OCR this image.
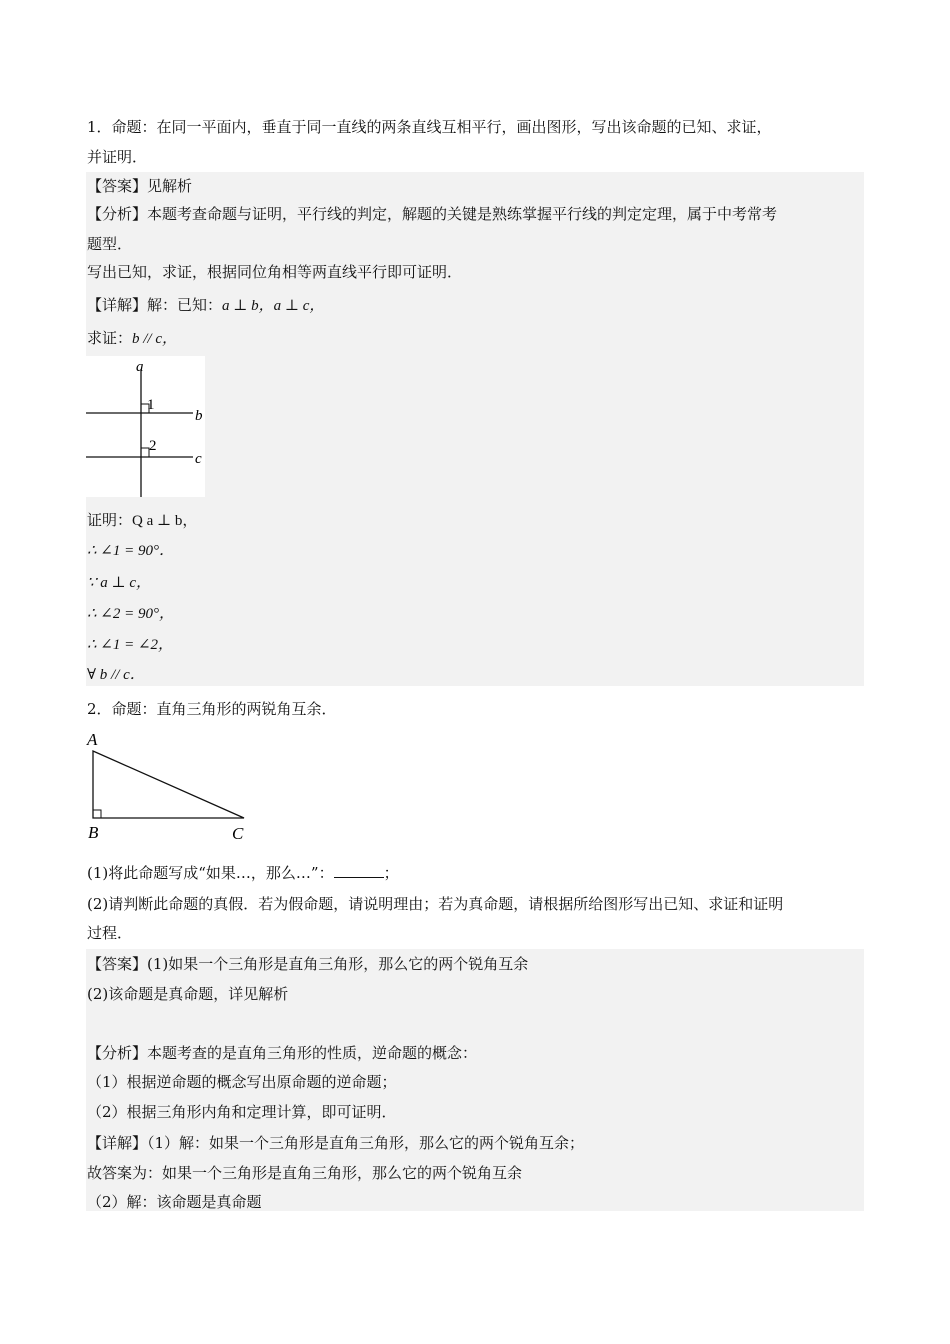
1．命题：在同一平面内，垂直于同一直线的两条直线互相平行，画出图形，写出该命题的已知、求证，
并证明．
【答案】见解析
【分析】本题考查命题与证明，平行线的判定，解题的关键是熟练掌握平行线的判定定理，属于中考常考
题型．
写出已知，求证，根据同位角相等两直线平行即可证明．
【详解】解：已知：a ⊥ b，a ⊥ c，
求证：b // c，
a
1
b
2
c
证明：Q a ⊥ b，
∴ ∠1 = 90°．
∵ a ⊥ c，
∴ ∠2 = 90°，
∴ ∠1 = ∠2，
∀ b // c．
2．命题：直角三角形的两锐角互余．
A
B	C
(1)将此命题写成“如果…，那么…”：	；
(2)请判断此命题的真假．若为假命题，请说明理由；若为真命题，请根据所给图形写出已知、求证和证明
过程．
【答案】(1)如果一个三角形是直角三角形，那么它的两个锐角互余
(2)该命题是真命题，详见解析
【分析】本题考查的是直角三角形的性质，逆命题的概念：
（1）根据逆命题的概念写出原命题的逆命题；
（2）根据三角形内角和定理计算，即可证明．
【详解】（1）解：如果一个三角形是直角三角形，那么它的两个锐角互余；
故答案为：如果一个三角形是直角三角形，那么它的两个锐角互余
（2）解：该命题是真命题
